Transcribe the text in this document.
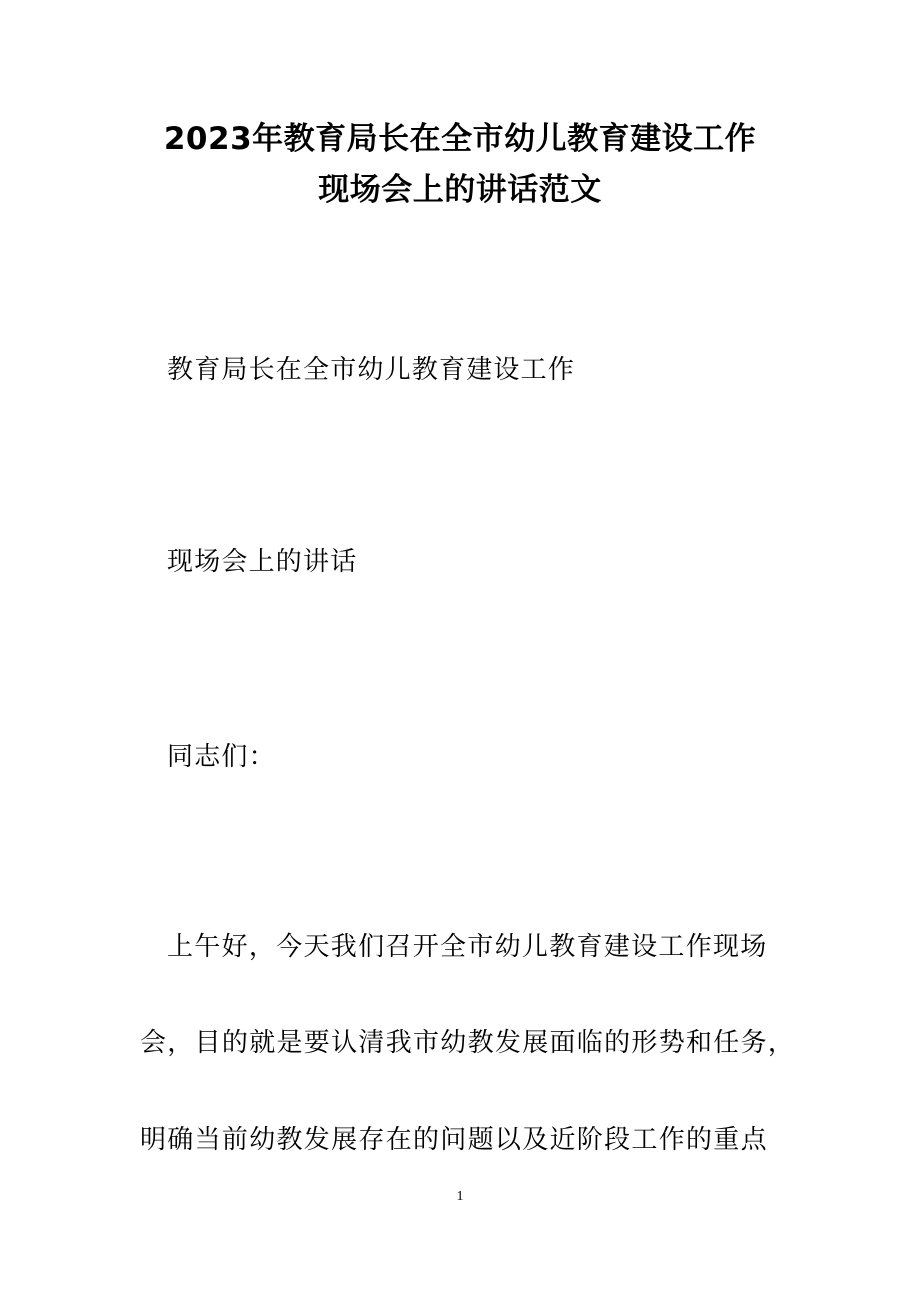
2023年教育局长在全市幼儿教育建设工作
现场会上的讲话范文

教育局长在全市幼儿教育建设工作

现场会上的讲话

同志们：

上午好，今天我们召开全市幼儿教育建设工作现场

会，目的就是要认清我市幼教发展面临的形势和任务，

明确当前幼教发展存在的问题以及近阶段工作的重点

1
